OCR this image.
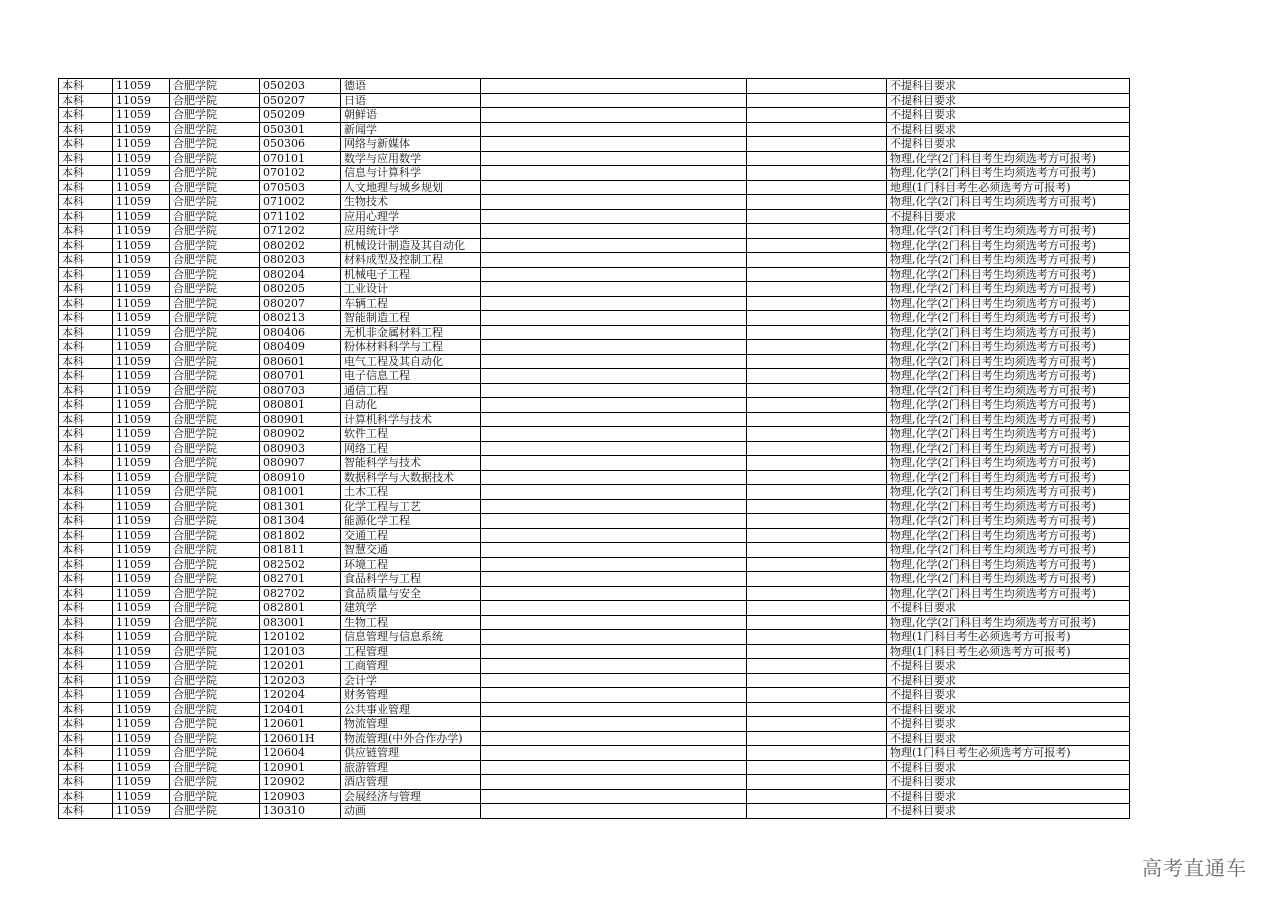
本科	11059	合肥学院	050203	德语			不提科目要求
本科	11059	合肥学院	050207	日语			不提科目要求
本科	11059	合肥学院	050209	朝鲜语			不提科目要求
本科	11059	合肥学院	050301	新闻学			不提科目要求
本科	11059	合肥学院	050306	网络与新媒体			不提科目要求
本科	11059	合肥学院	070101	数学与应用数学			物理,化学(2门科目考生均须选考方可报考)
本科	11059	合肥学院	070102	信息与计算科学			物理,化学(2门科目考生均须选考方可报考)
本科	11059	合肥学院	070503	人文地理与城乡规划			地理(1门科目考生必须选考方可报考)
本科	11059	合肥学院	071002	生物技术			物理,化学(2门科目考生均须选考方可报考)
本科	11059	合肥学院	071102	应用心理学			不提科目要求
本科	11059	合肥学院	071202	应用统计学			物理,化学(2门科目考生均须选考方可报考)
本科	11059	合肥学院	080202	机械设计制造及其自动化			物理,化学(2门科目考生均须选考方可报考)
本科	11059	合肥学院	080203	材料成型及控制工程			物理,化学(2门科目考生均须选考方可报考)
本科	11059	合肥学院	080204	机械电子工程			物理,化学(2门科目考生均须选考方可报考)
本科	11059	合肥学院	080205	工业设计			物理,化学(2门科目考生均须选考方可报考)
本科	11059	合肥学院	080207	车辆工程			物理,化学(2门科目考生均须选考方可报考)
本科	11059	合肥学院	080213	智能制造工程			物理,化学(2门科目考生均须选考方可报考)
本科	11059	合肥学院	080406	无机非金属材料工程			物理,化学(2门科目考生均须选考方可报考)
本科	11059	合肥学院	080409	粉体材料科学与工程			物理,化学(2门科目考生均须选考方可报考)
本科	11059	合肥学院	080601	电气工程及其自动化			物理,化学(2门科目考生均须选考方可报考)
本科	11059	合肥学院	080701	电子信息工程			物理,化学(2门科目考生均须选考方可报考)
本科	11059	合肥学院	080703	通信工程			物理,化学(2门科目考生均须选考方可报考)
本科	11059	合肥学院	080801	自动化			物理,化学(2门科目考生均须选考方可报考)
本科	11059	合肥学院	080901	计算机科学与技术			物理,化学(2门科目考生均须选考方可报考)
本科	11059	合肥学院	080902	软件工程			物理,化学(2门科目考生均须选考方可报考)
本科	11059	合肥学院	080903	网络工程			物理,化学(2门科目考生均须选考方可报考)
本科	11059	合肥学院	080907	智能科学与技术			物理,化学(2门科目考生均须选考方可报考)
本科	11059	合肥学院	080910	数据科学与大数据技术			物理,化学(2门科目考生均须选考方可报考)
本科	11059	合肥学院	081001	土木工程			物理,化学(2门科目考生均须选考方可报考)
本科	11059	合肥学院	081301	化学工程与工艺			物理,化学(2门科目考生均须选考方可报考)
本科	11059	合肥学院	081304	能源化学工程			物理,化学(2门科目考生均须选考方可报考)
本科	11059	合肥学院	081802	交通工程			物理,化学(2门科目考生均须选考方可报考)
本科	11059	合肥学院	081811	智慧交通			物理,化学(2门科目考生均须选考方可报考)
本科	11059	合肥学院	082502	环境工程			物理,化学(2门科目考生均须选考方可报考)
本科	11059	合肥学院	082701	食品科学与工程			物理,化学(2门科目考生均须选考方可报考)
本科	11059	合肥学院	082702	食品质量与安全			物理,化学(2门科目考生均须选考方可报考)
本科	11059	合肥学院	082801	建筑学			不提科目要求
本科	11059	合肥学院	083001	生物工程			物理,化学(2门科目考生均须选考方可报考)
本科	11059	合肥学院	120102	信息管理与信息系统			物理(1门科目考生必须选考方可报考)
本科	11059	合肥学院	120103	工程管理			物理(1门科目考生必须选考方可报考)
本科	11059	合肥学院	120201	工商管理			不提科目要求
本科	11059	合肥学院	120203	会计学			不提科目要求
本科	11059	合肥学院	120204	财务管理			不提科目要求
本科	11059	合肥学院	120401	公共事业管理			不提科目要求
本科	11059	合肥学院	120601	物流管理			不提科目要求
本科	11059	合肥学院	120601H	物流管理(中外合作办学)			不提科目要求
本科	11059	合肥学院	120604	供应链管理			物理(1门科目考生必须选考方可报考)
本科	11059	合肥学院	120901	旅游管理			不提科目要求
本科	11059	合肥学院	120902	酒店管理			不提科目要求
本科	11059	合肥学院	120903	会展经济与管理			不提科目要求
本科	11059	合肥学院	130310	动画			不提科目要求
高考直通车
